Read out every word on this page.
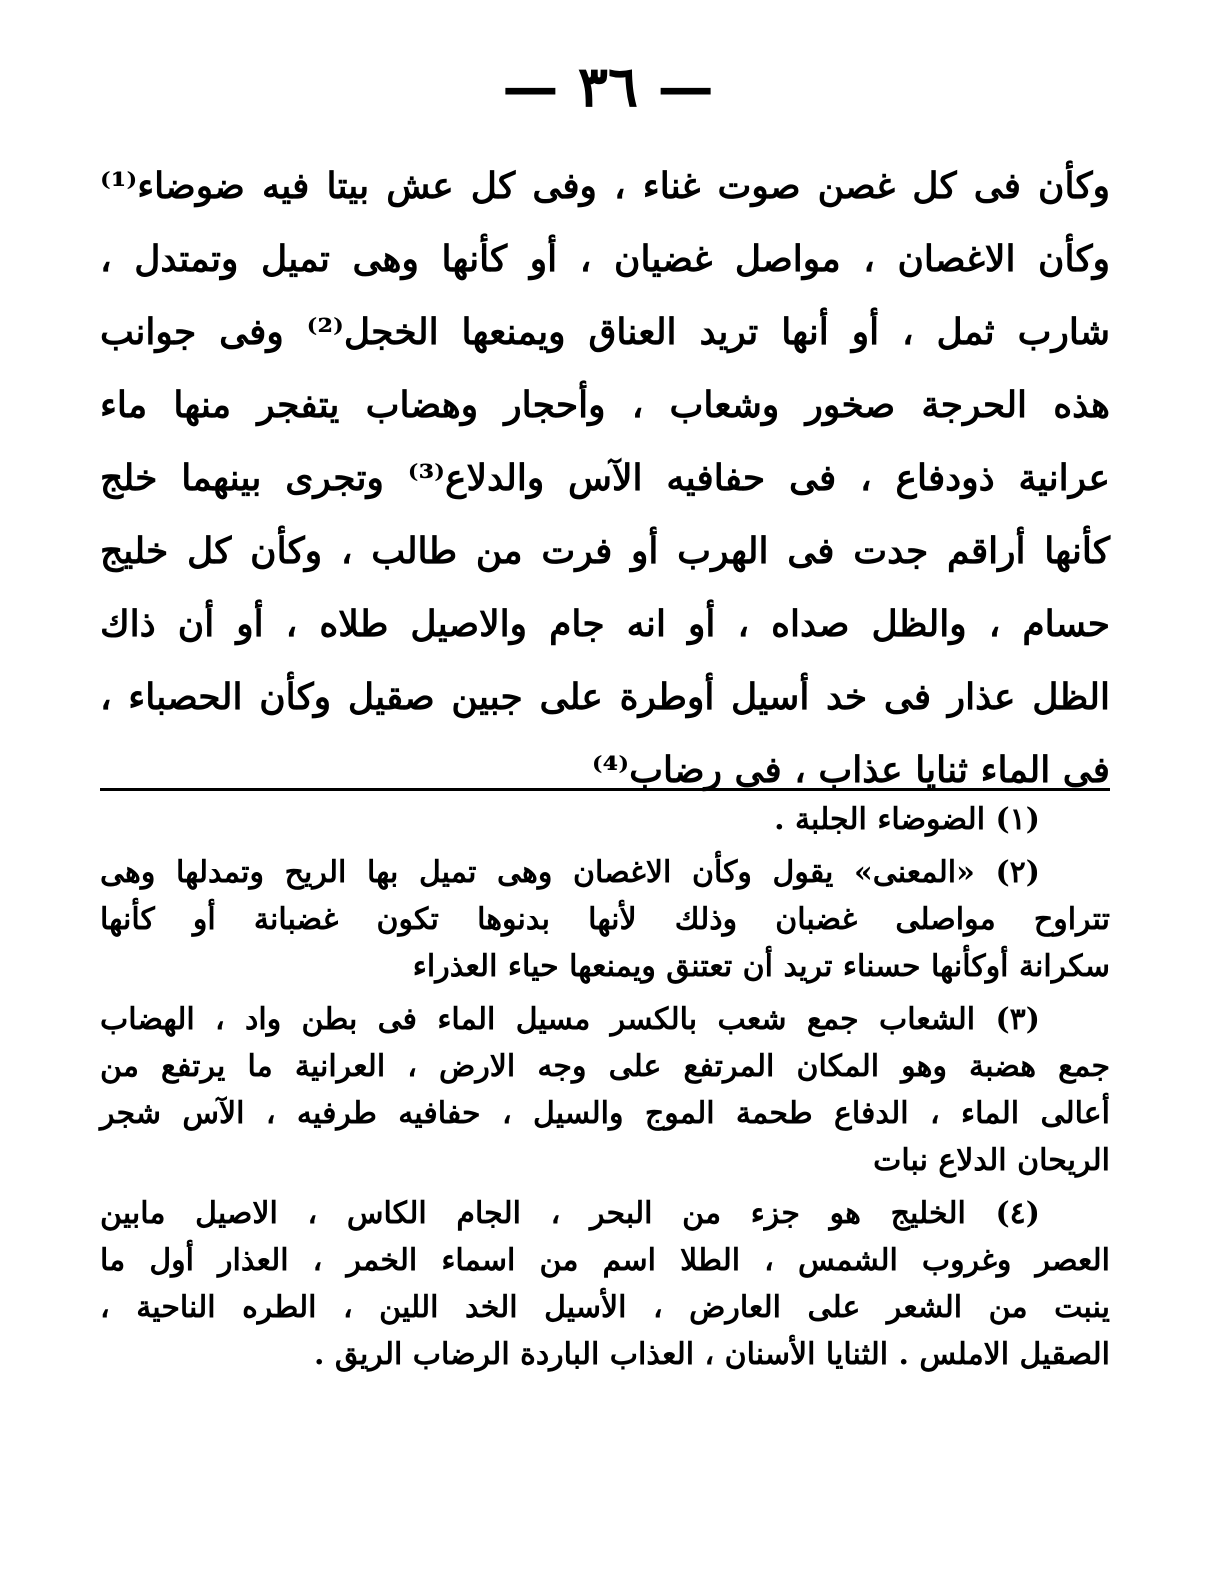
— ٣٦ —
وكأن فى كل غصن صوت غناء ، وفى كل عش بيتا فيه ضوضاء⁽¹⁾
وكأن الاغصان ، مواصل غضيان ، أو كأنها وهى تميل وتمتدل ،
شارب ثمل ، أو أنها تريد العناق ويمنعها الخجل⁽²⁾ وفى جوانب
هذه الحرجة صخور وشعاب ، وأحجار وهضاب يتفجر منها ماء
عرانية ذودفاع ، فى حفافيه الآس والدلاع⁽³⁾ وتجرى بينهما خلج
كأنها أراقم جدت فى الهرب أو فرت من طالب ، وكأن كل خليج
حسام ، والظل صداه ، أو انه جام والاصيل طلاه ، أو أن ذاك
الظل عذار فى خد أسيل أوطرة على جبين صقيل وكأن الحصباء ،
فى الماء ثنايا عذاب ، فى رضاب⁽⁴⁾
(١) الضوضاء الجلبة .
(٢) «المعنى» يقول وكأن الاغصان وهى تميل بها الريح وتمدلها وهى
تتراوح مواصلى غضبان وذلك لأنها بدنوها تكون غضبانة أو كأنها
سكرانة أوكأنها حسناء تريد أن تعتنق ويمنعها حياء العذراء
(٣) الشعاب جمع شعب بالكسر مسيل الماء فى بطن واد ، الهضاب
جمع هضبة وهو المكان المرتفع على وجه الارض ، العرانية ما يرتفع من
أعالى الماء ، الدفاع طحمة الموج والسيل ، حفافيه طرفيه ، الآس شجر
الريحان الدلاع نبات
(٤) الخليج هو جزء من البحر ، الجام الكاس ، الاصيل مابين
العصر وغروب الشمس ، الطلا اسم من اسماء الخمر ، العذار أول ما
ينبت من الشعر على العارض ، الأسيل الخد اللين ، الطره الناحية ،
الصقيل الاملس . الثنايا الأسنان ، العذاب الباردة الرضاب الريق .
